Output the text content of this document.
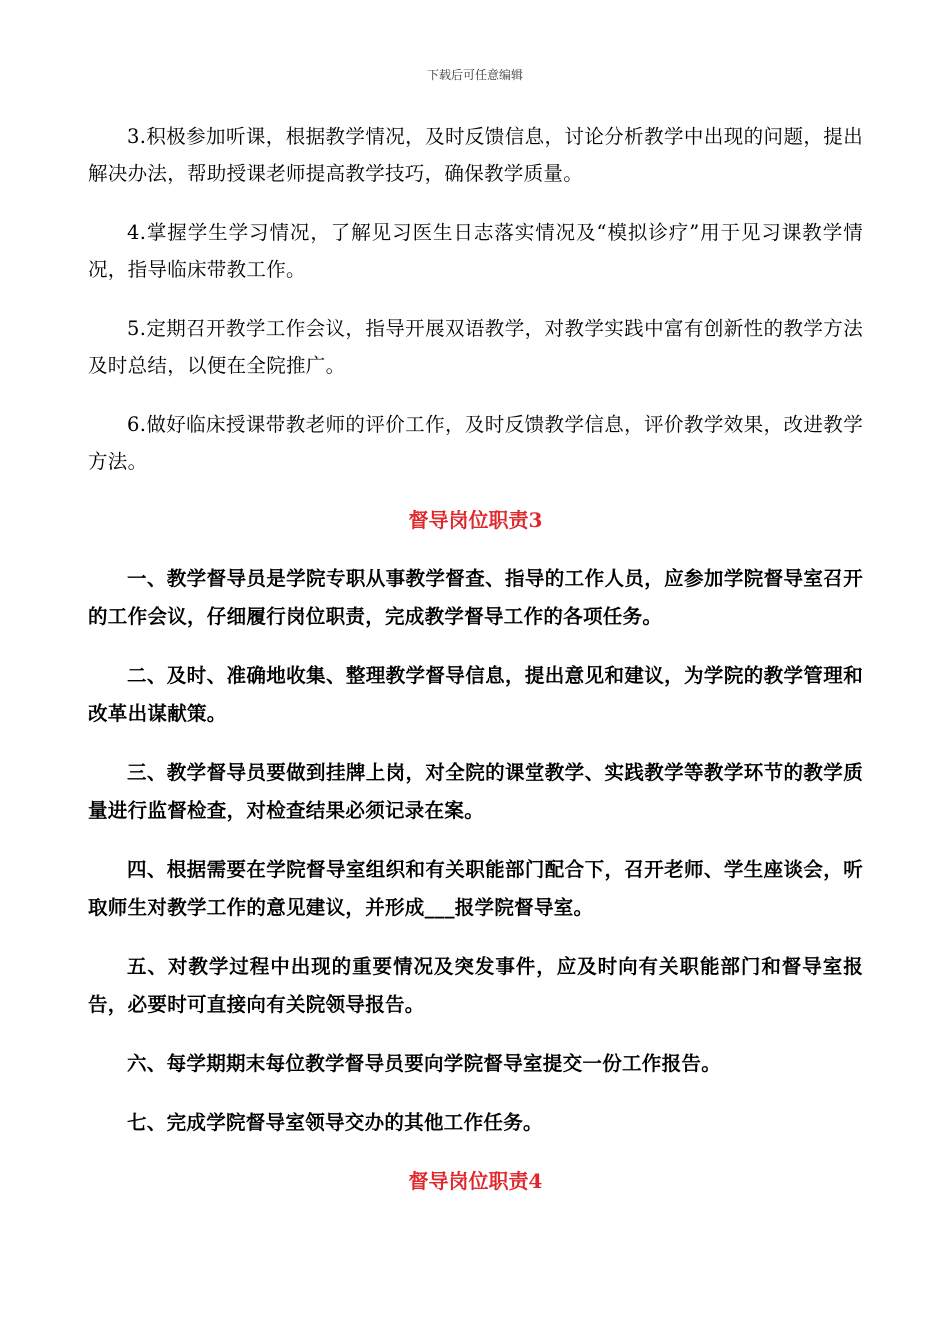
下载后可任意编辑

3.积极参加听课，根据教学情况，及时反馈信息，讨论分析教学中出现的问题，提出解决办法，帮助授课老师提高教学技巧，确保教学质量。

4.掌握学生学习情况，了解见习医生日志落实情况及“模拟诊疗”用于见习课教学情况，指导临床带教工作。

5.定期召开教学工作会议，指导开展双语教学，对教学实践中富有创新性的教学方法及时总结，以便在全院推广。

6.做好临床授课带教老师的评价工作，及时反馈教学信息，评价教学效果，改进教学方法。

督导岗位职责3

一、教学督导员是学院专职从事教学督查、指导的工作人员，应参加学院督导室召开的工作会议，仔细履行岗位职责，完成教学督导工作的各项任务。

二、及时、准确地收集、整理教学督导信息，提出意见和建议，为学院的教学管理和改革出谋献策。

三、教学督导员要做到挂牌上岗，对全院的课堂教学、实践教学等教学环节的教学质量进行监督检查，对检查结果必须记录在案。

四、根据需要在学院督导室组织和有关职能部门配合下，召开老师、学生座谈会，听取师生对教学工作的意见建议，并形成___报学院督导室。

五、对教学过程中出现的重要情况及突发事件，应及时向有关职能部门和督导室报告，必要时可直接向有关院领导报告。

六、每学期期末每位教学督导员要向学院督导室提交一份工作报告。

七、完成学院督导室领导交办的其他工作任务。

督导岗位职责4
